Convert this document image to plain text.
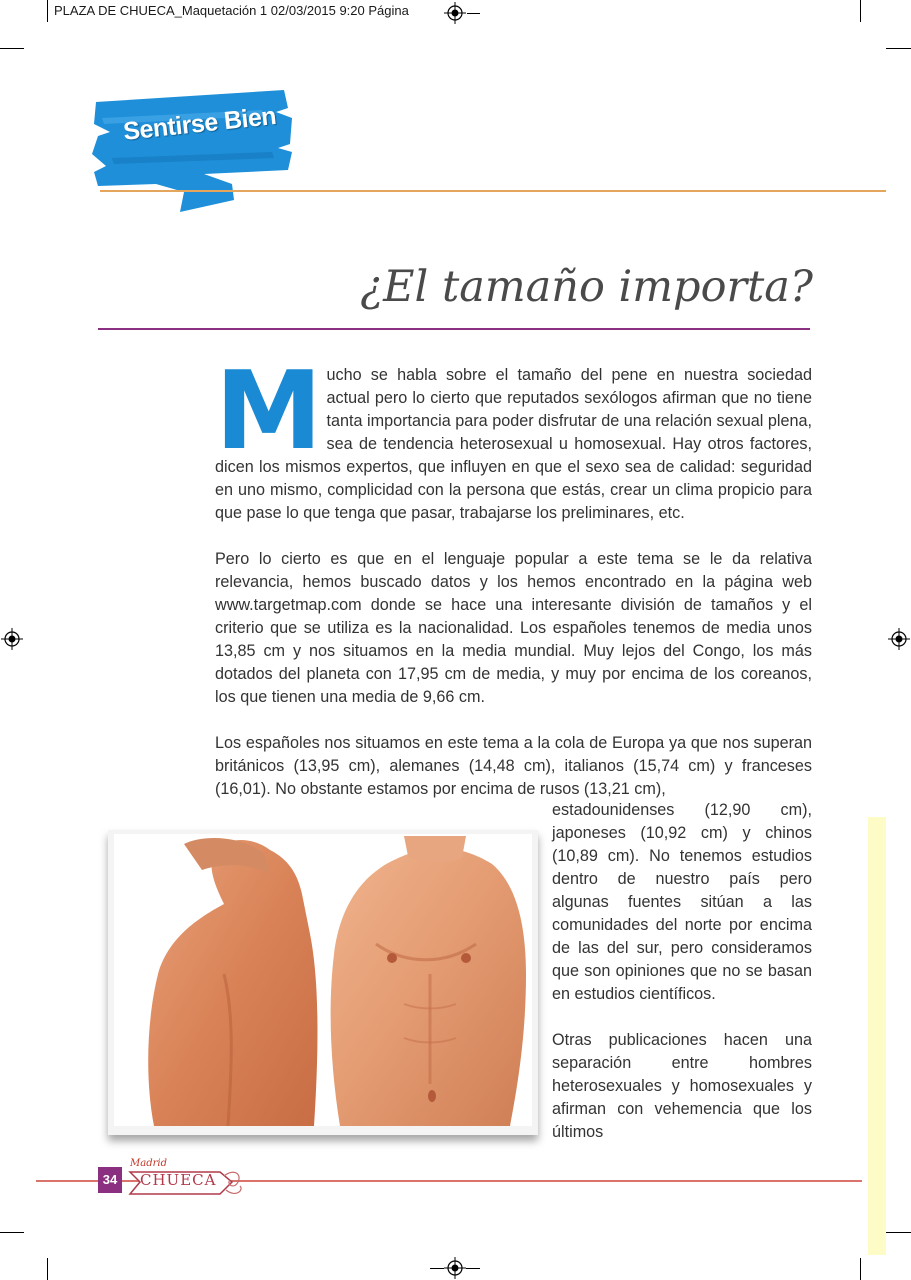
PLAZA DE CHUECA_Maquetación 1 02/03/2015 9:20 Página
Sentirse Bien
¿El tamaño importa?

Mucho se habla sobre el tamaño del pene en nuestra sociedad actual pero lo cierto que reputados sexólogos afirman que no tiene tanta importancia para poder disfrutar de una relación sexual plena, sea de tendencia heterosexual u homosexual. Hay otros factores, dicen los mismos expertos, que influyen en que el sexo sea de calidad: seguridad en uno mismo, complicidad con la persona que estás, crear un clima propicio para que pase lo que tenga que pasar, trabajarse los preliminares, etc.

Pero lo cierto es que en el lenguaje popular a este tema se le da relativa relevancia, hemos buscado datos y los hemos encontrado en la página web www.targetmap.com donde se hace una interesante división de tamaños y el criterio que se utiliza es la nacionalidad. Los españoles tenemos de media unos 13,85 cm y nos situamos en la media mundial. Muy lejos del Congo, los más dotados del planeta con 17,95 cm de media, y muy por encima de los coreanos, los que tienen una media de 9,66 cm.

Los españoles nos situamos en este tema a la cola de Europa ya que nos superan británicos (13,95 cm), alemanes (14,48 cm), italianos (15,74 cm) y franceses (16,01). No obstante estamos por encima de rusos (13,21 cm),

estadounidenses (12,90 cm), japoneses (10,92 cm) y chinos (10,89 cm). No tenemos estudios dentro de nuestro país pero algunas fuentes sitúan a las comunidades del norte por encima de las del sur, pero consideramos que son opiniones que no se basan en estudios científicos.

Otras publicaciones hacen una separación entre hombres heterosexuales y homosexuales y afirman con vehemencia que los últimos

34
Madrid
CHUECA
